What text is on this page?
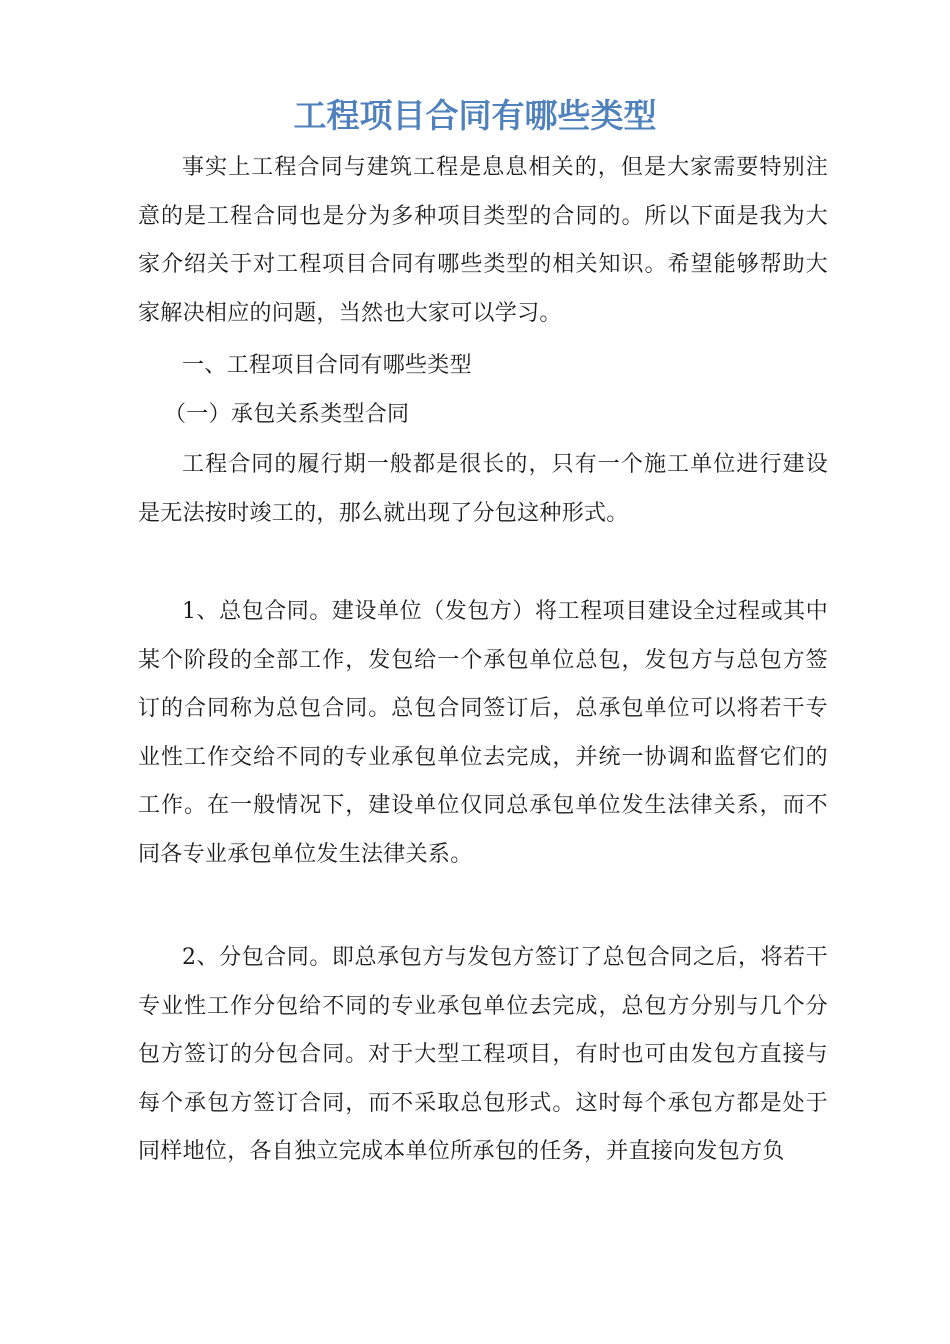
工程项目合同有哪些类型

事实上工程合同与建筑工程是息息相关的，但是大家需要特别注意的是工程合同也是分为多种项目类型的合同的。所以下面是我为大家介绍关于对工程项目合同有哪些类型的相关知识。希望能够帮助大家解决相应的问题，当然也大家可以学习。

一、工程项目合同有哪些类型

（一）承包关系类型合同

工程合同的履行期一般都是很长的，只有一个施工单位进行建设是无法按时竣工的，那么就出现了分包这种形式。

1、总包合同。建设单位（发包方）将工程项目建设全过程或其中某个阶段的全部工作，发包给一个承包单位总包，发包方与总包方签订的合同称为总包合同。总包合同签订后，总承包单位可以将若干专业性工作交给不同的专业承包单位去完成，并统一协调和监督它们的工作。在一般情况下，建设单位仅同总承包单位发生法律关系，而不同各专业承包单位发生法律关系。

2、分包合同。即总承包方与发包方签订了总包合同之后，将若干专业性工作分包给不同的专业承包单位去完成，总包方分别与几个分包方签订的分包合同。对于大型工程项目，有时也可由发包方直接与每个承包方签订合同，而不采取总包形式。这时每个承包方都是处于同样地位，各自独立完成本单位所承包的任务，并直接向发包方负
